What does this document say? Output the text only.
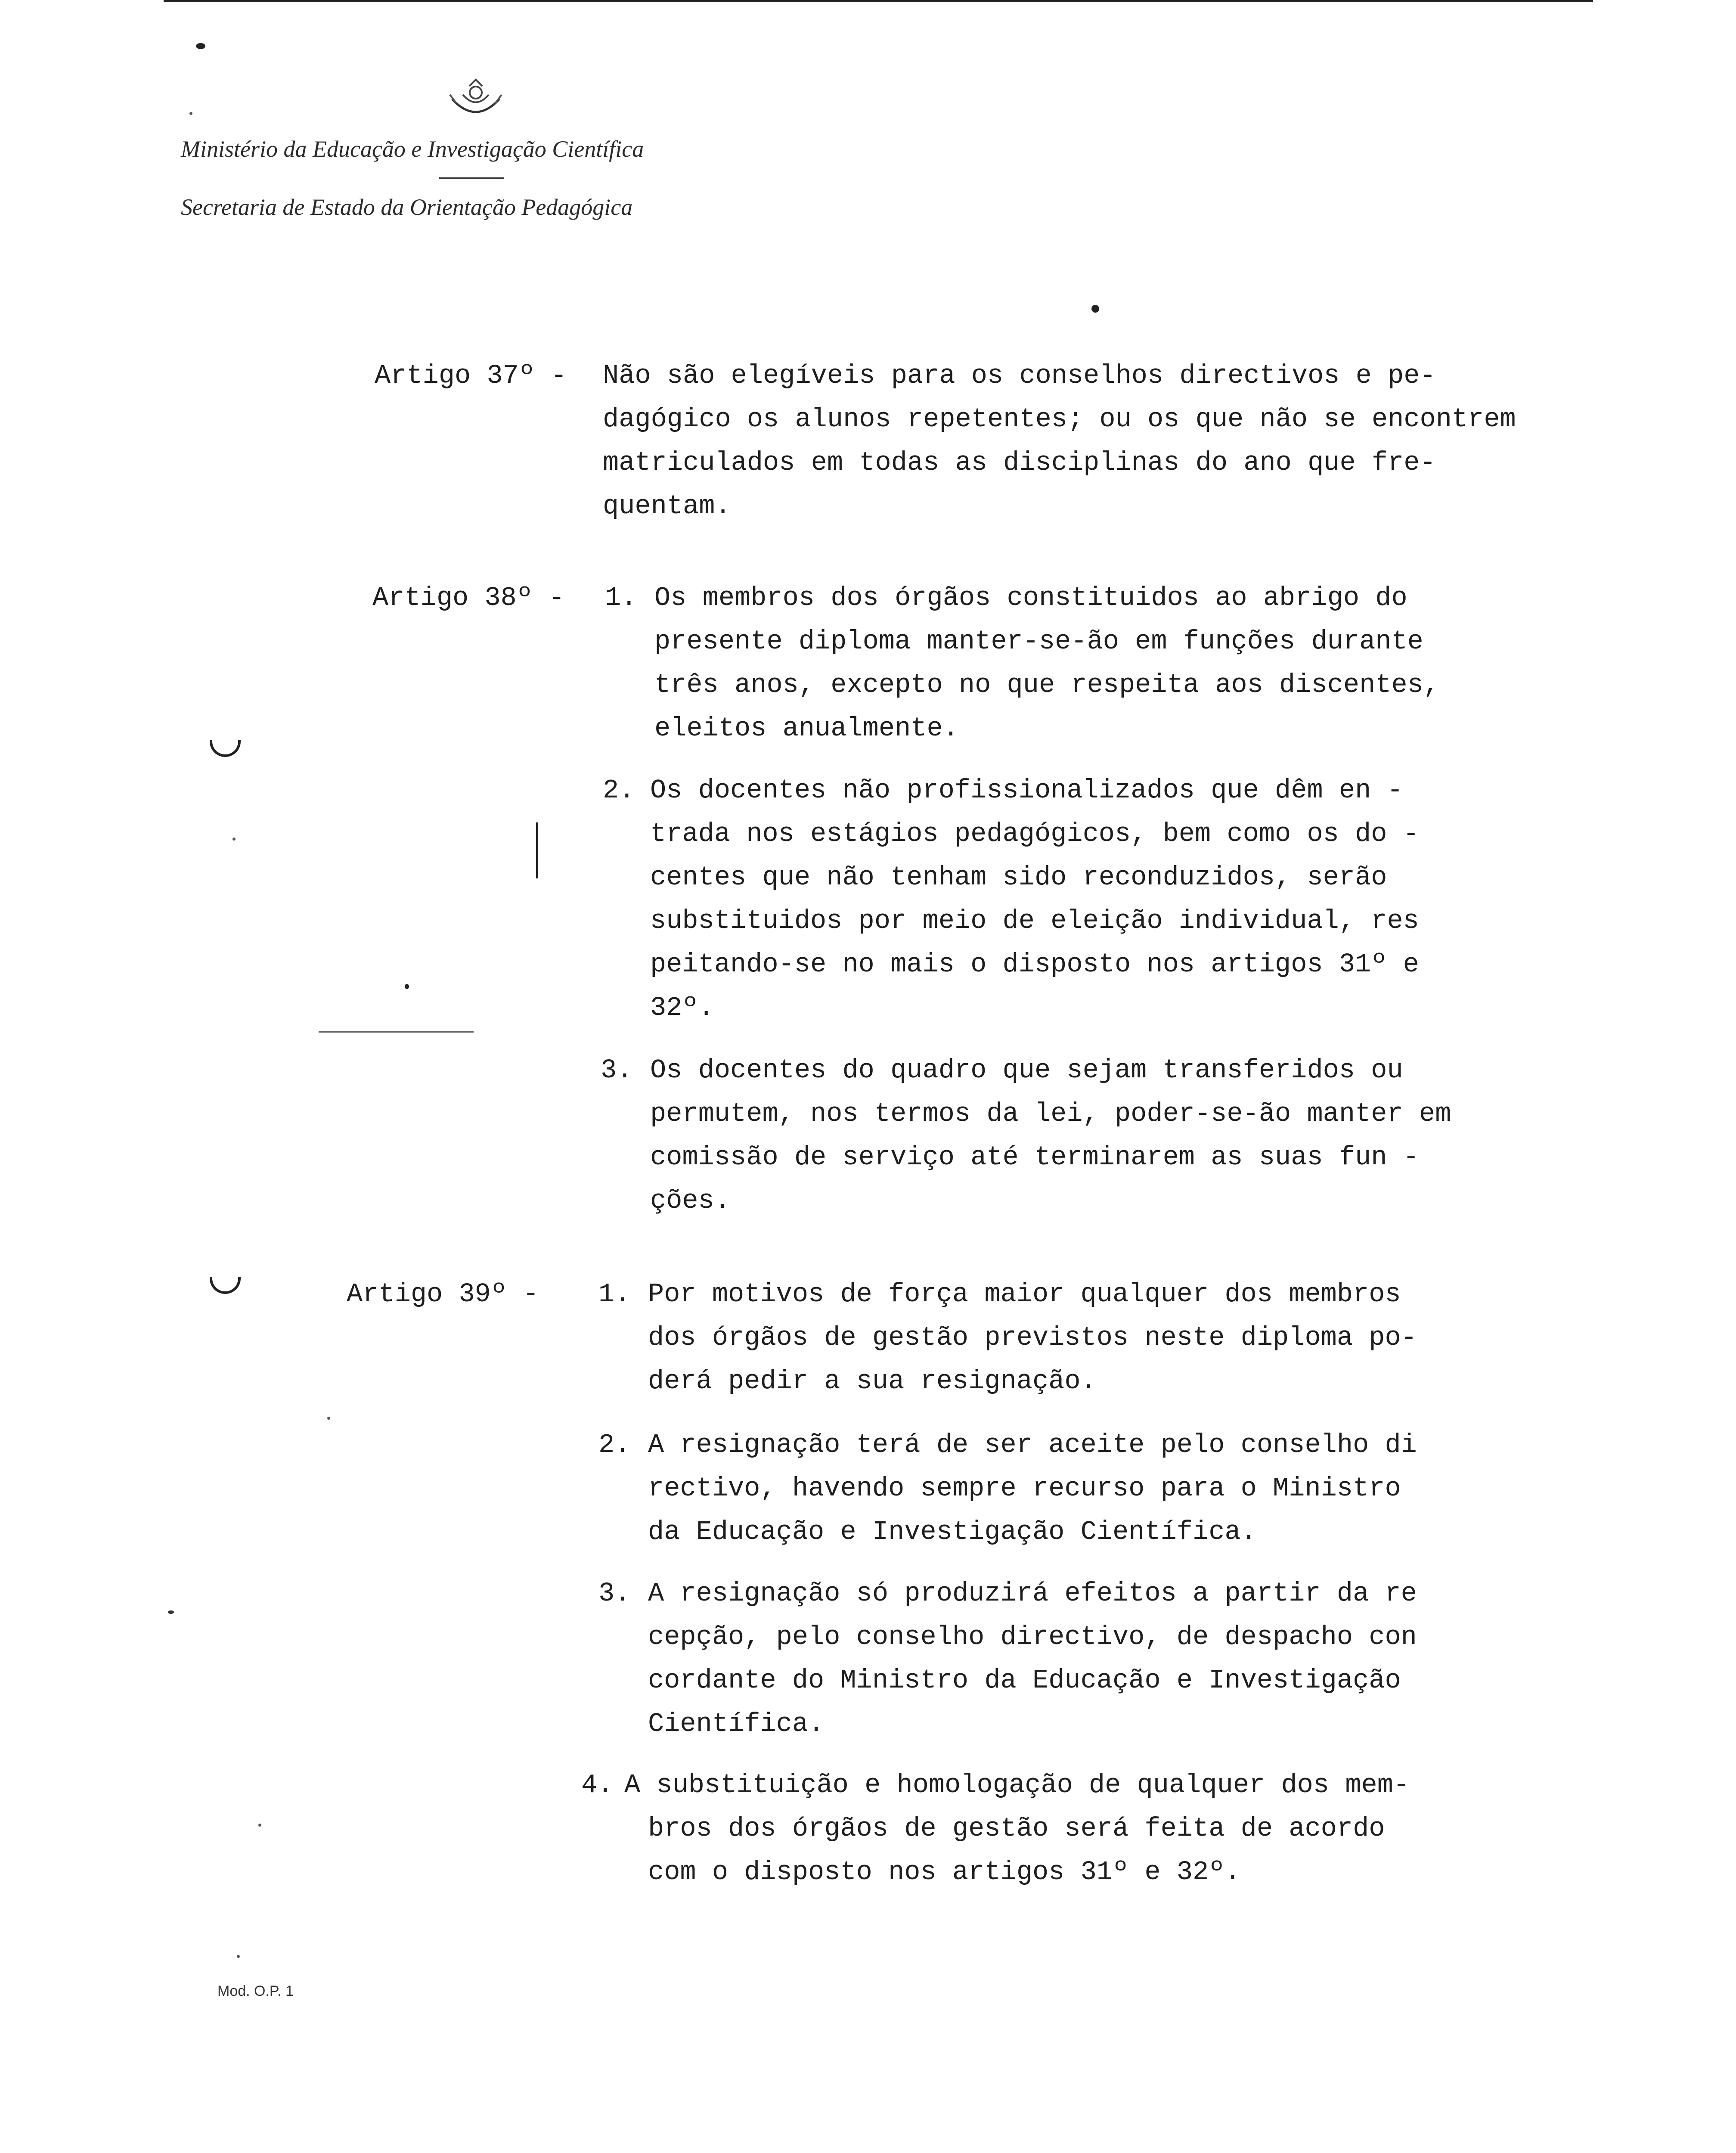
Ministério da Educação e Investigação Científica
Secretaria de Estado da Orientação Pedagógica
Artigo 37º - Não são elegíveis para os conselhos directivos e pe-
dagógico os alunos repetentes; ou os que não se encontrem
matriculados em todas as disciplinas do ano que fre-
quentam.
Artigo 38º - 1. Os membros dos órgãos constituidos ao abrigo do
presente diploma manter-se-ão em funções durante
três anos, excepto no que respeita aos discentes,
eleitos anualmente.
2. Os docentes não profissionalizados que dêm en -
trada nos estágios pedagógicos, bem como os do -
centes que não tenham sido reconduzidos, serão
substituidos por meio de eleição individual, res
peitando-se no mais o disposto nos artigos 31º e
32º.
3. Os docentes do quadro que sejam transferidos ou
permutem, nos termos da lei, poder-se-ão manter em
comissão de serviço até terminarem as suas fun -
ções.
Artigo 39º - 1. Por motivos de força maior qualquer dos membros
dos órgãos de gestão previstos neste diploma po-
derá pedir a sua resignação.
2. A resignação terá de ser aceite pelo conselho di
rectivo, havendo sempre recurso para o Ministro
da Educação e Investigação Científica.
3. A resignação só produzirá efeitos a partir da re
cepção, pelo conselho directivo, de despacho con
cordante do Ministro da Educação e Investigação
Científica.
4. A substituição e homologação de qualquer dos mem-
bros dos órgãos de gestão será feita de acordo
com o disposto nos artigos 31º e 32º.
Mod. O.P. 1
